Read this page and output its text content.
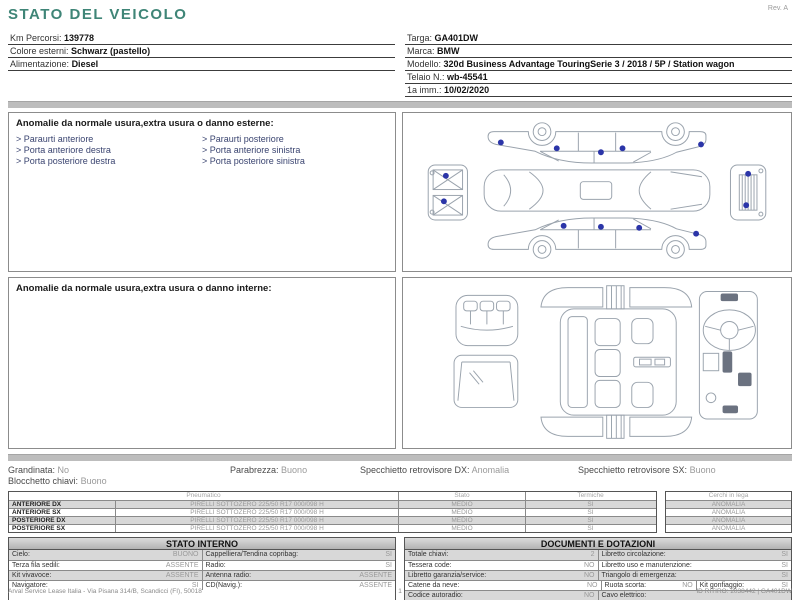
Rev. A
STATO DEL VEICOLO
Km Percorsi: 139778
Colore esterni: Schwarz (pastello)
Alimentazione: Diesel
Targa: GA401DW
Marca: BMW
Modello: 320d Business Advantage TouringSerie 3 / 2018 / 5P / Station wagon
Telaio N.: wb-45541
1a imm.: 10/02/2020
Anomalie da normale usura,extra usura o danno esterne:
> Paraurti anteriore
> Porta anteriore destra
> Porta posteriore destra
> Paraurti posteriore
> Porta anteriore sinistra
> Porta posteriore sinistra
Anomalie da normale usura,extra usura o danno interne:
Grandinata: No	Parabrezza: Buono	Specchietto retrovisore DX: Anomalia	Specchietto retrovisore SX: Buono
Blocchetto chiavi: Buono
Pneumatico	Stato	Termiche
ANTERIORE DX	PIRELLI SOTTOZERO 225/50 R17 000/098 H	MEDIO	SI
ANTERIORE SX	PIRELLI SOTTOZERO 225/50 R17 000/098 H	MEDIO	SI
POSTERIORE DX	PIRELLI SOTTOZERO 225/50 R17 000/098 H	MEDIO	SI
POSTERIORE SX	PIRELLI SOTTOZERO 225/50 R17 000/098 H	MEDIO	SI
Cerchi in lega
ANOMALIA
ANOMALIA
ANOMALIA
ANOMALIA
STATO INTERNO
Cielo:	BUONO Cappelliera/Tendina copribag:	SI
Terza fila sedili:	ASSENTE Radio:	SI
Kit vivavoce:	ASSENTE Antenna radio:	ASSENTE
Navigatore:	SI CD(Navig.):	ASSENTE
DOCUMENTI E DOTAZIONI
Totale chiavi:	2 Libretto circolazione:	SI
Tessera code:	NO Libretto uso e manutenzione:	SI
Libretto garanzia/service:	NO Triangolo di emergenza:	SI
Catene da neve:	NO Ruota scorta:	NO Kit gonfiaggio:	SI
Codice autoradio:	NO Cavo elettrico:
Arval Service Lease Italia - Via Pisana 314/B, Scandicci (FI), 50018	1	ID RITIRO: 2038442 | GA401DW
